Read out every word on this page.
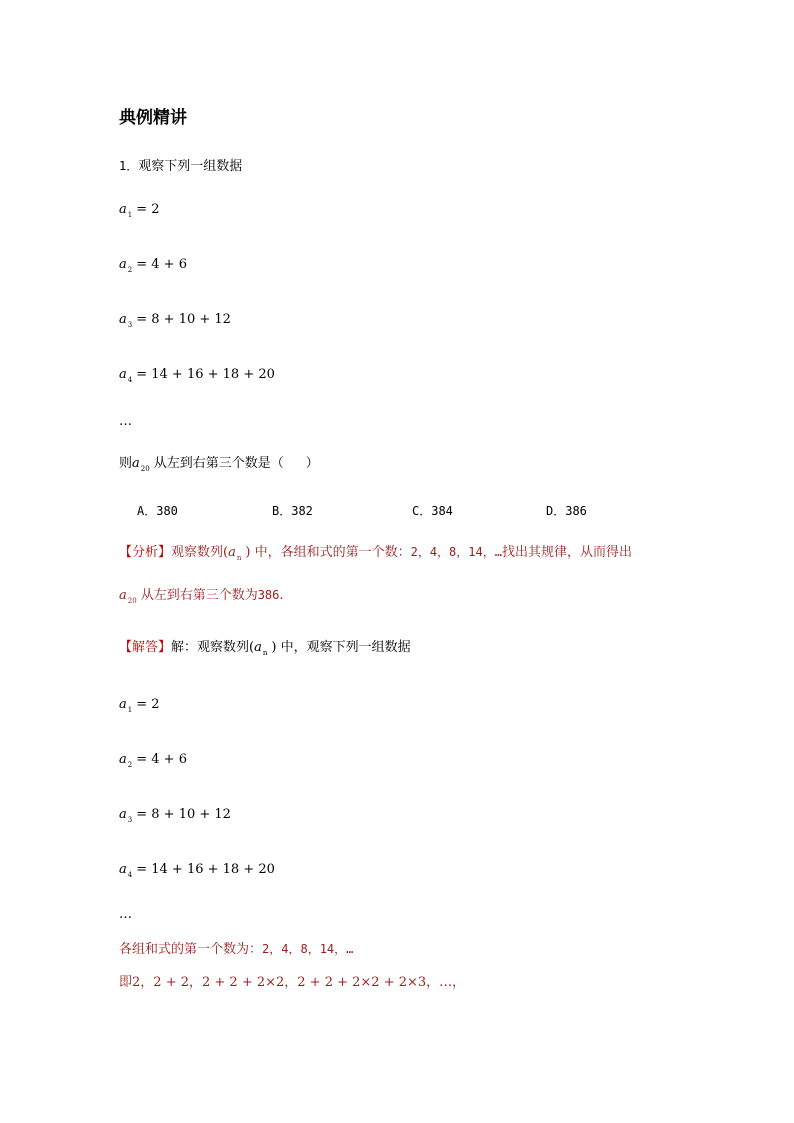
典例精讲
1．观察下列一组数据
$a_1 = 2$
$a_2 = 4 + 6$
$a_3 = 8 + 10 + 12$
$a_4 = 14 + 16 + 18 + 20$
…
则$a_{20}$ 从左到右第三个数是（ ）
A．380	B．382	C．384	D．386
【分析】观察数列($a_n$ ) 中，各组和式的第一个数：2，4，8，14，…找出其规律，从而得出
$a_{20}$ 从左到右第三个数为386.
【解答】解：观察数列($a_n$ ) 中，观察下列一组数据
$a_1 = 2$
$a_2 = 4 + 6$
$a_3 = 8 + 10 + 12$
$a_4 = 14 + 16 + 18 + 20$
…
各组和式的第一个数为：2，4，8，14，…
即2，2 + 2，2 + 2 + 2×2，2 + 2 + 2×2 + 2×3，…，
